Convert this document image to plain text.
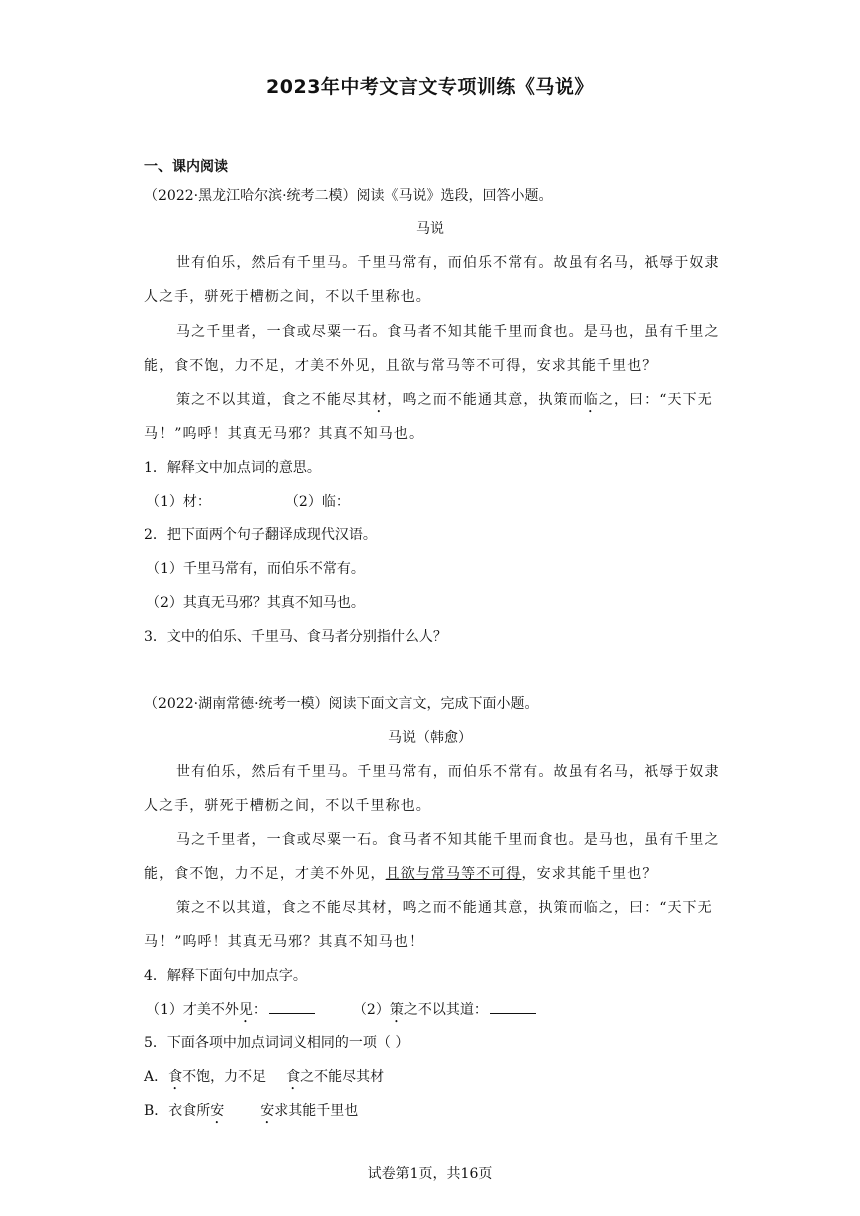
2023年中考文言文专项训练《马说》
一、课内阅读
（2022·黑龙江哈尔滨·统考二模）阅读《马说》选段，回答小题。
马说
世有伯乐，然后有千里马。千里马常有，而伯乐不常有。故虽有名马，祇辱于奴隶
人之手，骈死于槽枥之间，不以千里称也。
马之千里者，一食或尽粟一石。食马者不知其能千里而食也。是马也，虽有千里之
能，食不饱，力不足，才美不外见，且欲与常马等不可得，安求其能千里也？
策之不以其道，食之不能尽其材，鸣之而不能通其意，执策而临之，曰：“天下无
马！”呜呼！其真无马邪？其真不知马也。
1．解释文中加点词的意思。
（1）材：	（2）临：
2．把下面两个句子翻译成现代汉语。
（1）千里马常有，而伯乐不常有。
（2）其真无马邪？其真不知马也。
3．文中的伯乐、千里马、食马者分别指什么人？
（2022·湖南常德·统考一模）阅读下面文言文，完成下面小题。
马说（韩愈）
世有伯乐，然后有千里马。千里马常有，而伯乐不常有。故虽有名马，祇辱于奴隶
人之手，骈死于槽枥之间，不以千里称也。
马之千里者，一食或尽粟一石。食马者不知其能千里而食也。是马也，虽有千里之
能，食不饱，力不足，才美不外见，且欲与常马等不可得，安求其能千里也？
策之不以其道，食之不能尽其材，鸣之而不能通其意，执策而临之，曰：“天下无
马！”呜呼！其真无马邪？其真不知马也！
4．解释下面句中加点字。
（1）才美不外见：	（2）策之不以其道：
5．下面各项中加点词词义相同的一项（ ）
A．食不饱，力不足 食之不能尽其材
B．衣食所安	安求其能千里也
试卷第1页，共16页
